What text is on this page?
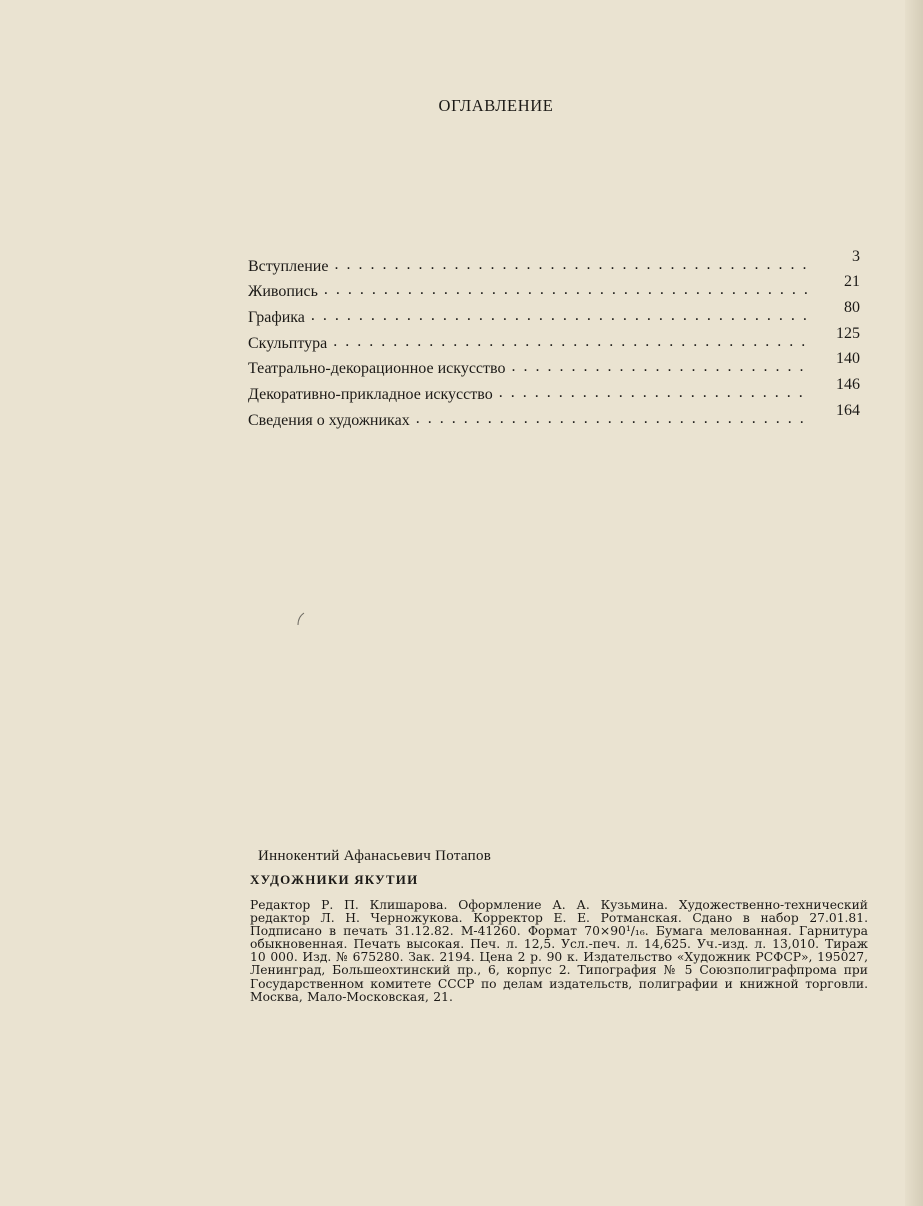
ОГЛАВЛЕНИЕ
Вступление
. . .
3
Живопись
. . .
21
Графика
. . .
80
Скульптура
. . .
125
Театрально-декорационное искусство
. . .
140
Декоративно-прикладное искусство
. . .
146
Сведения о художниках
. . .
164
Иннокентий Афанасьевич Потапов
ХУДОЖНИКИ ЯКУТИИ

Редактор Р. П. Клишарова. Оформление А. А. Кузьмина. Художественно-технический редактор Л. Н. Черножукова. Корректор Е. Е. Ротманская. Сдано в набор 27.01.81. Подписано в печать 31.12.82. М-41260. Формат 70×90¹/₁₆. Бумага мелованная. Гарнитура обыкновенная. Печать высокая. Печ. л. 12,5. Усл.-печ. л. 14,625. Уч.-изд. л. 13,010. Тираж 10 000. Изд. № 675280. Зак. 2194. Цена 2 р. 90 к. Издательство «Художник РСФСР», 195027, Ленинград, Большеохтинский пр., 6, корпус 2. Типография № 5 Союзполиграфпрома при Государственном комитете СССР по делам издательств, полиграфии и книжной торговли. Москва, Мало-Московская, 21.
